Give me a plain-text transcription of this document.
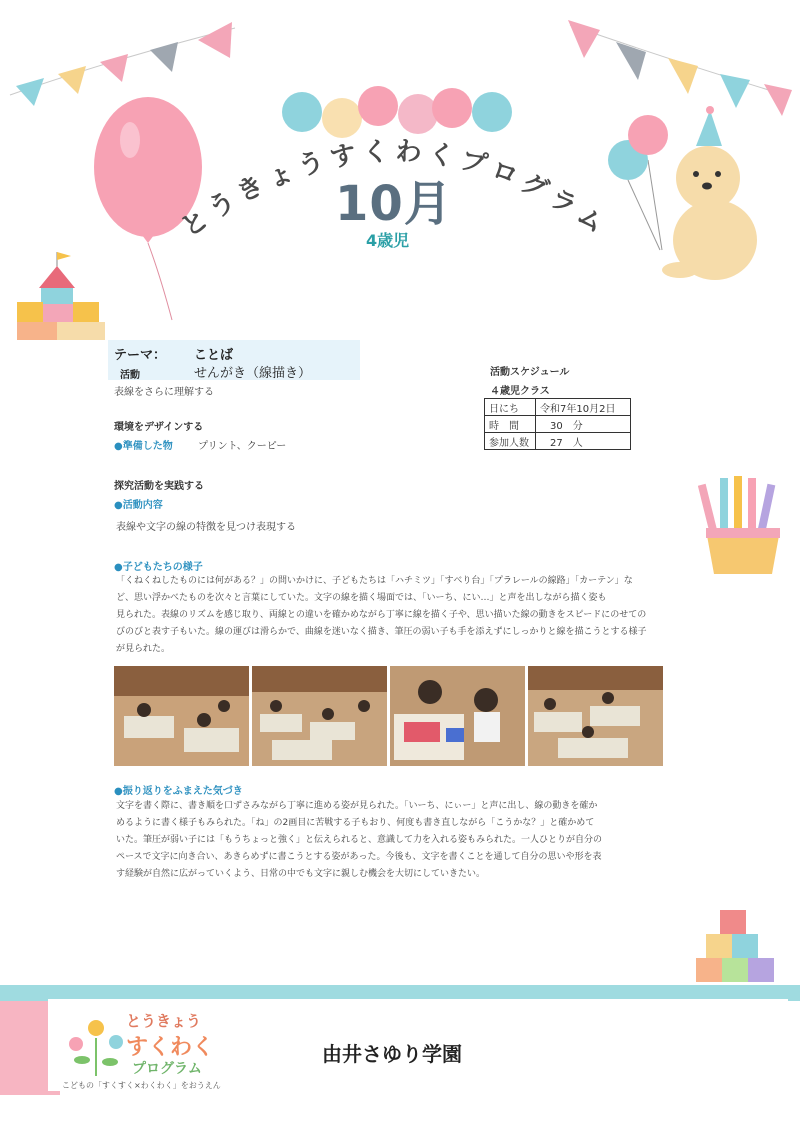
とうきょうすくわくプログラム
10月
4歳児
テーマ： ことば
活動	せんがき（線描き）
表線をさらに理解する
活動スケジュール
４歳児クラス
日にち	令和7年10月2日
時　間	30　分
参加人数	27　人
環境をデザインする
●準備した物	プリント、クーピー
探究活動を実践する
●活動内容
表線や文字の線の特徴を見つけ表現する
●子どもたちの様子

「くねくねしたものには何がある？」の問いかけに、子どもたちは「ハチミツ」「すべり台」「プラレールの線路」「カーテン」な
ど、思い浮かべたものを次々と言葉にしていた。文字の線を描く場面では、「いーち、にい…」と声を出しながら描く姿も
見られた。表線のリズムを感じ取り、両線との違いを確かめながら丁寧に線を描く子や、思い描いた線の動きをスピードにのせての
びのびと表す子もいた。線の運びは滑らかで、曲線を迷いなく描き、筆圧の弱い子も手を添えずにしっかりと線を描こうとする様子
が見られた。

●振り返りをふまえた気づき

文字を書く際に、書き順を口ずさみながら丁寧に進める姿が見られた。「いーち、にぃー」と声に出し、線の動きを確か
めるように書く様子もみられた。「ね」の2画目に苦戦する子もおり、何度も書き直しながら「こうかな？」と確かめて
いた。筆圧が弱い子には「もうちょっと強く」と伝えられると、意識して力を入れる姿もみられた。一人ひとりが自分の
ペースで文字に向き合い、あきらめずに書こうとする姿があった。今後も、文字を書くことを通して自分の思いや形を表
す経験が自然に広がっていくよう、日常の中でも文字に親しむ機会を大切にしていきたい。

とうきょう
すくわく
プログラム
こどもの「すくすく×わくわく」をおうえん
由井さゆり学園
